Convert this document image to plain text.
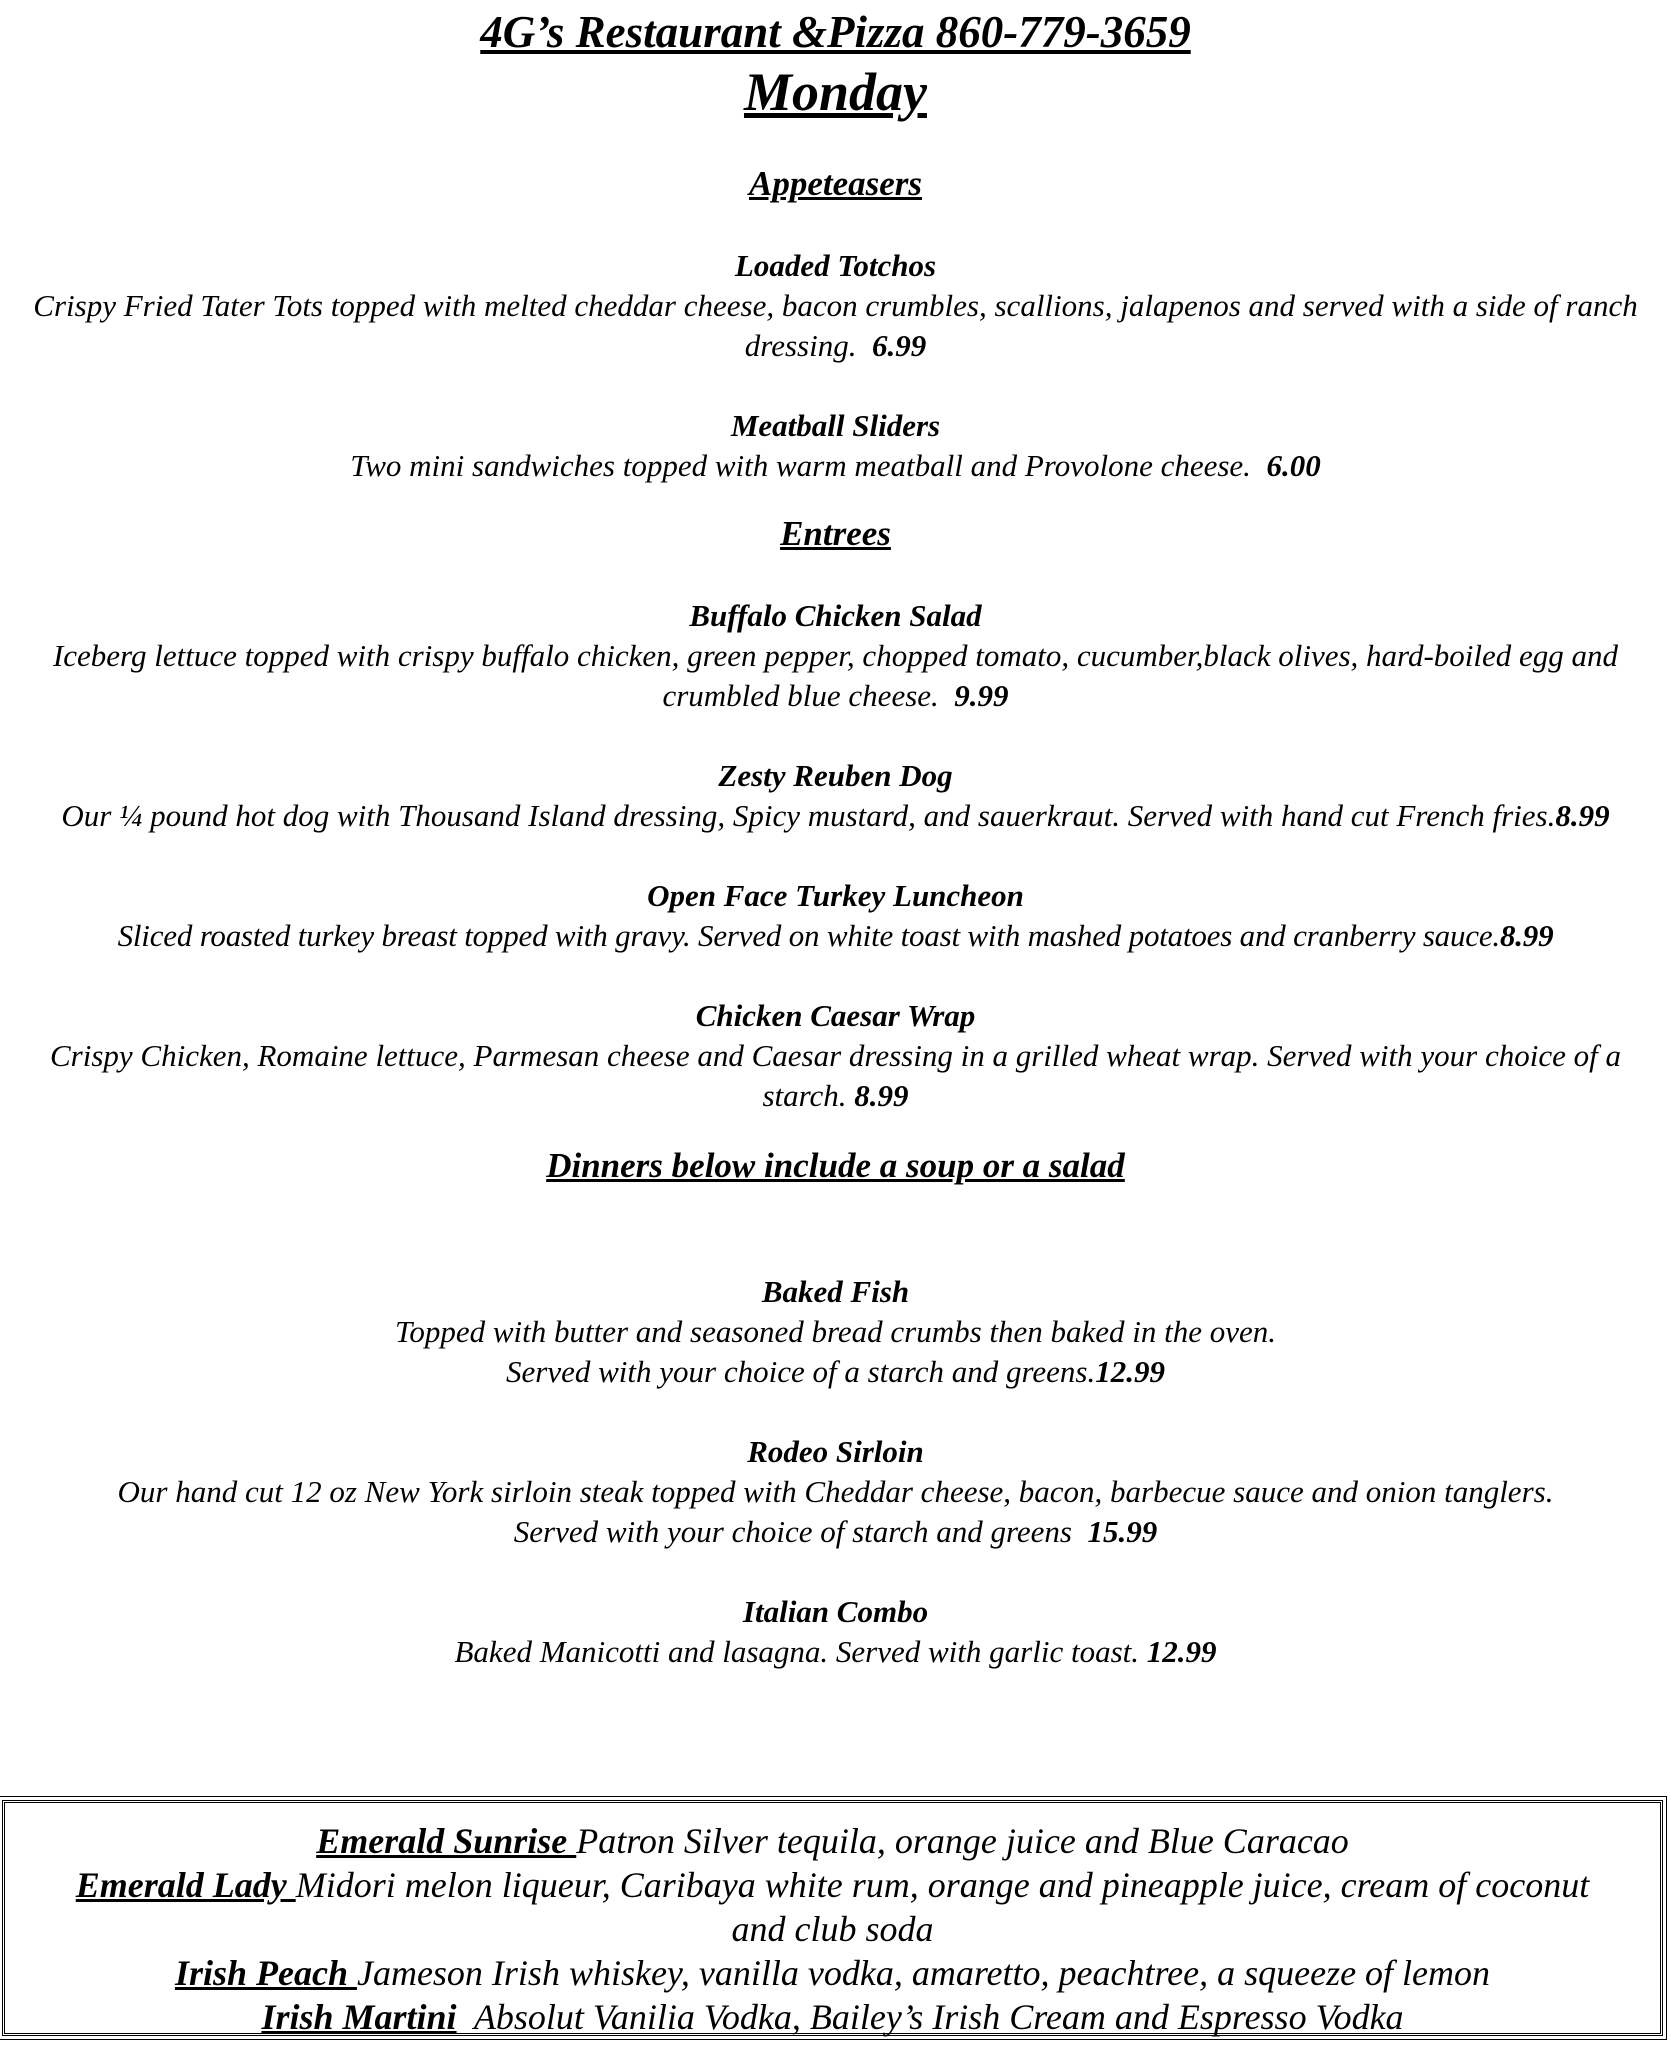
4G’s Restaurant &Pizza 860-779-3659
Monday
Appeteasers
Loaded Totchos
Crispy Fried Tater Tots topped with melted cheddar cheese, bacon crumbles, scallions, jalapenos and served with a side of ranch dressing. 6.99
Meatball Sliders
Two mini sandwiches topped with warm meatball and Provolone cheese. 6.00
Entrees
Buffalo Chicken Salad
Iceberg lettuce topped with crispy buffalo chicken, green pepper, chopped tomato, cucumber,black olives, hard-boiled egg and crumbled blue cheese. 9.99
Zesty Reuben Dog
Our ¼ pound hot dog with Thousand Island dressing, Spicy mustard, and sauerkraut. Served with hand cut French fries.8.99
Open Face Turkey Luncheon
Sliced roasted turkey breast topped with gravy. Served on white toast with mashed potatoes and cranberry sauce.8.99
Chicken Caesar Wrap
Crispy Chicken, Romaine lettuce, Parmesan cheese and Caesar dressing in a grilled wheat wrap. Served with your choice of a starch. 8.99
Dinners below include a soup or a salad
Baked Fish
Topped with butter and seasoned bread crumbs then baked in the oven.
Served with your choice of a starch and greens.12.99
Rodeo Sirloin
Our hand cut 12 oz New York sirloin steak topped with Cheddar cheese, bacon, barbecue sauce and onion tanglers.
Served with your choice of starch and greens 15.99
Italian Combo
Baked Manicotti and lasagna. Served with garlic toast. 12.99
Emerald Sunrise Patron Silver tequila, orange juice and Blue Caracao
Emerald Lady Midori melon liqueur, Caribaya white rum, orange and pineapple juice, cream of coconut and club soda
Irish Peach Jameson Irish whiskey, vanilla vodka, amaretto, peachtree, a squeeze of lemon
Irish Martini Absolut Vanilia Vodka, Bailey’s Irish Cream and Espresso Vodka
